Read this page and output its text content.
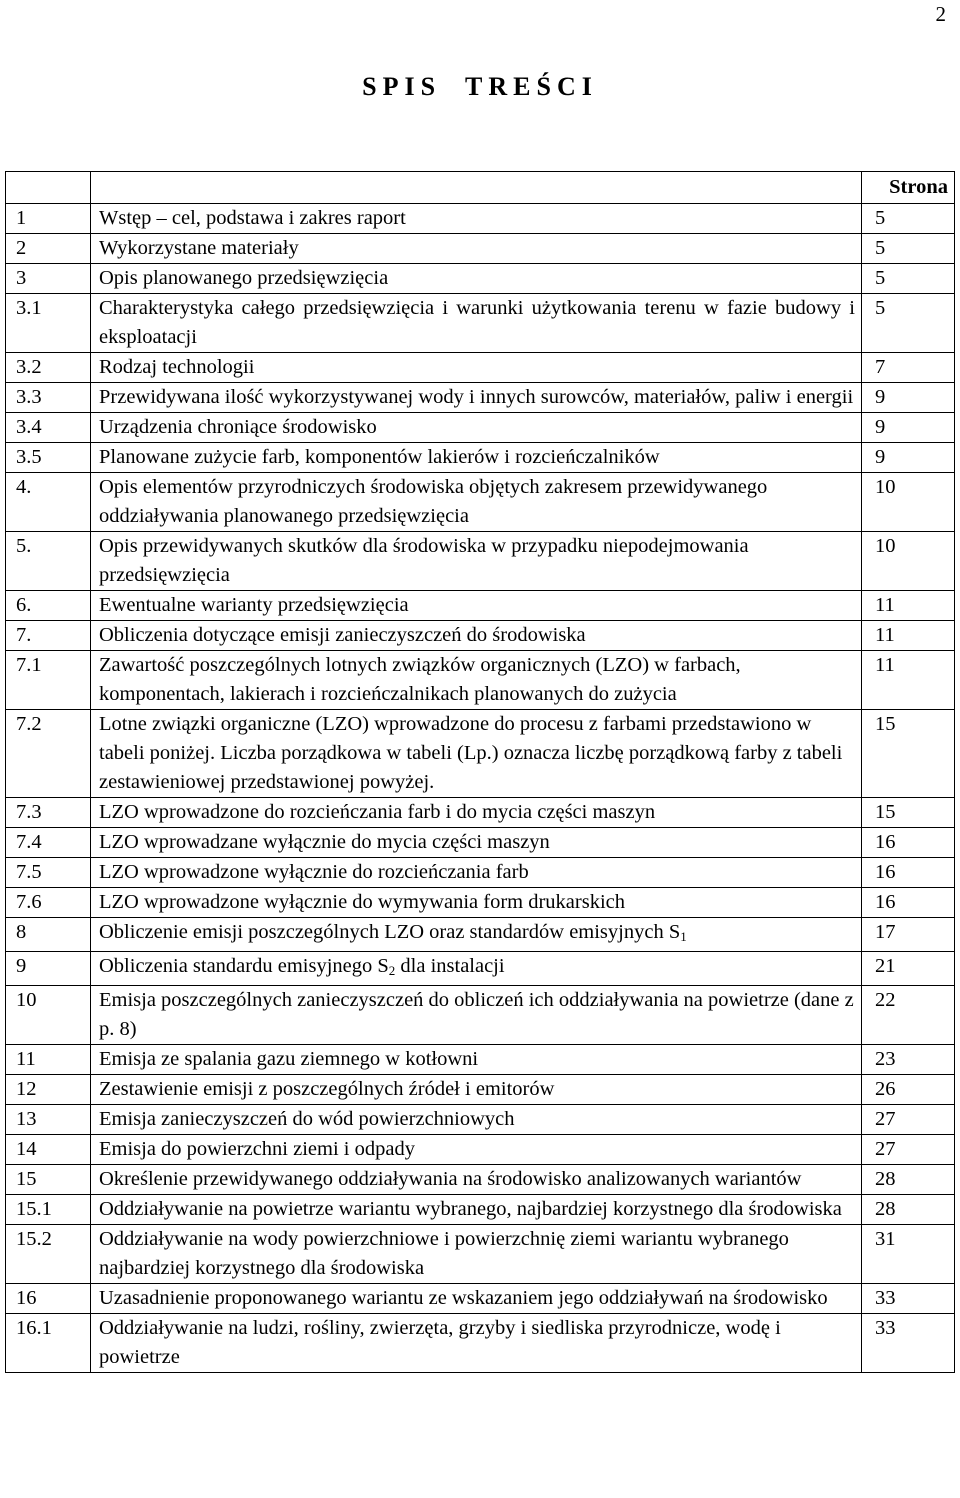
2
SPIS TREŚCI
		Strona
1	Wstęp – cel, podstawa i zakres raport	5
2	Wykorzystane materiały	5
3	Opis planowanego przedsięwzięcia	5
3.1	Charakterystyka całego przedsięwzięcia i warunki użytkowania terenu w fazie budowy i eksploatacji	5
3.2	Rodzaj technologii	7
3.3	Przewidywana ilość wykorzystywanej wody i innych surowców, materiałów, paliw i energii	9
3.4	Urządzenia chroniące środowisko	9
3.5	Planowane zużycie farb, komponentów lakierów i rozcieńczalników	9
4.	Opis elementów przyrodniczych środowiska objętych zakresem przewidywanego oddziaływania planowanego przedsięwzięcia	10
5.	Opis przewidywanych skutków dla środowiska w przypadku niepodejmowania przedsięwzięcia	10
6.	Ewentualne warianty przedsięwzięcia	11
7.	Obliczenia dotyczące emisji zanieczyszczeń do środowiska	11
7.1	Zawartość poszczególnych lotnych związków organicznych (LZO) w farbach, komponentach, lakierach i rozcieńczalnikach planowanych do zużycia	11
7.2	Lotne związki organiczne (LZO) wprowadzone do procesu z farbami przedstawiono w tabeli poniżej. Liczba porządkowa w tabeli (Lp.) oznacza liczbę porządkową farby z tabeli zestawieniowej przedstawionej powyżej.	15
7.3	LZO wprowadzone do rozcieńczania farb i do mycia części maszyn	15
7.4	LZO wprowadzane wyłącznie do mycia części maszyn	16
7.5	LZO wprowadzone wyłącznie do rozcieńczania farb	16
7.6	LZO wprowadzone wyłącznie do wymywania form drukarskich	16
8	Obliczenie emisji poszczególnych LZO oraz standardów emisyjnych $S_1$	17
9	Obliczenia standardu emisyjnego $S_2$ dla instalacji	21
10	Emisja poszczególnych zanieczyszczeń do obliczeń ich oddziaływania na powietrze (dane z p. 8)	22
11	Emisja ze spalania gazu ziemnego w kotłowni	23
12	Zestawienie emisji z poszczególnych źródeł i emitorów	26
13	Emisja zanieczyszczeń do wód powierzchniowych	27
14	Emisja do powierzchni ziemi i odpady	27
15	Określenie przewidywanego oddziaływania na środowisko analizowanych wariantów	28
15.1	Oddziaływanie na powietrze wariantu wybranego, najbardziej korzystnego dla środowiska	28
15.2	Oddziaływanie na wody powierzchniowe i powierzchnię ziemi wariantu wybranego najbardziej korzystnego dla środowiska	31
16	Uzasadnienie proponowanego wariantu ze wskazaniem jego oddziaływań na środowisko	33
16.1	Oddziaływanie na ludzi, rośliny, zwierzęta, grzyby i siedliska przyrodnicze, wodę i powietrze	33
